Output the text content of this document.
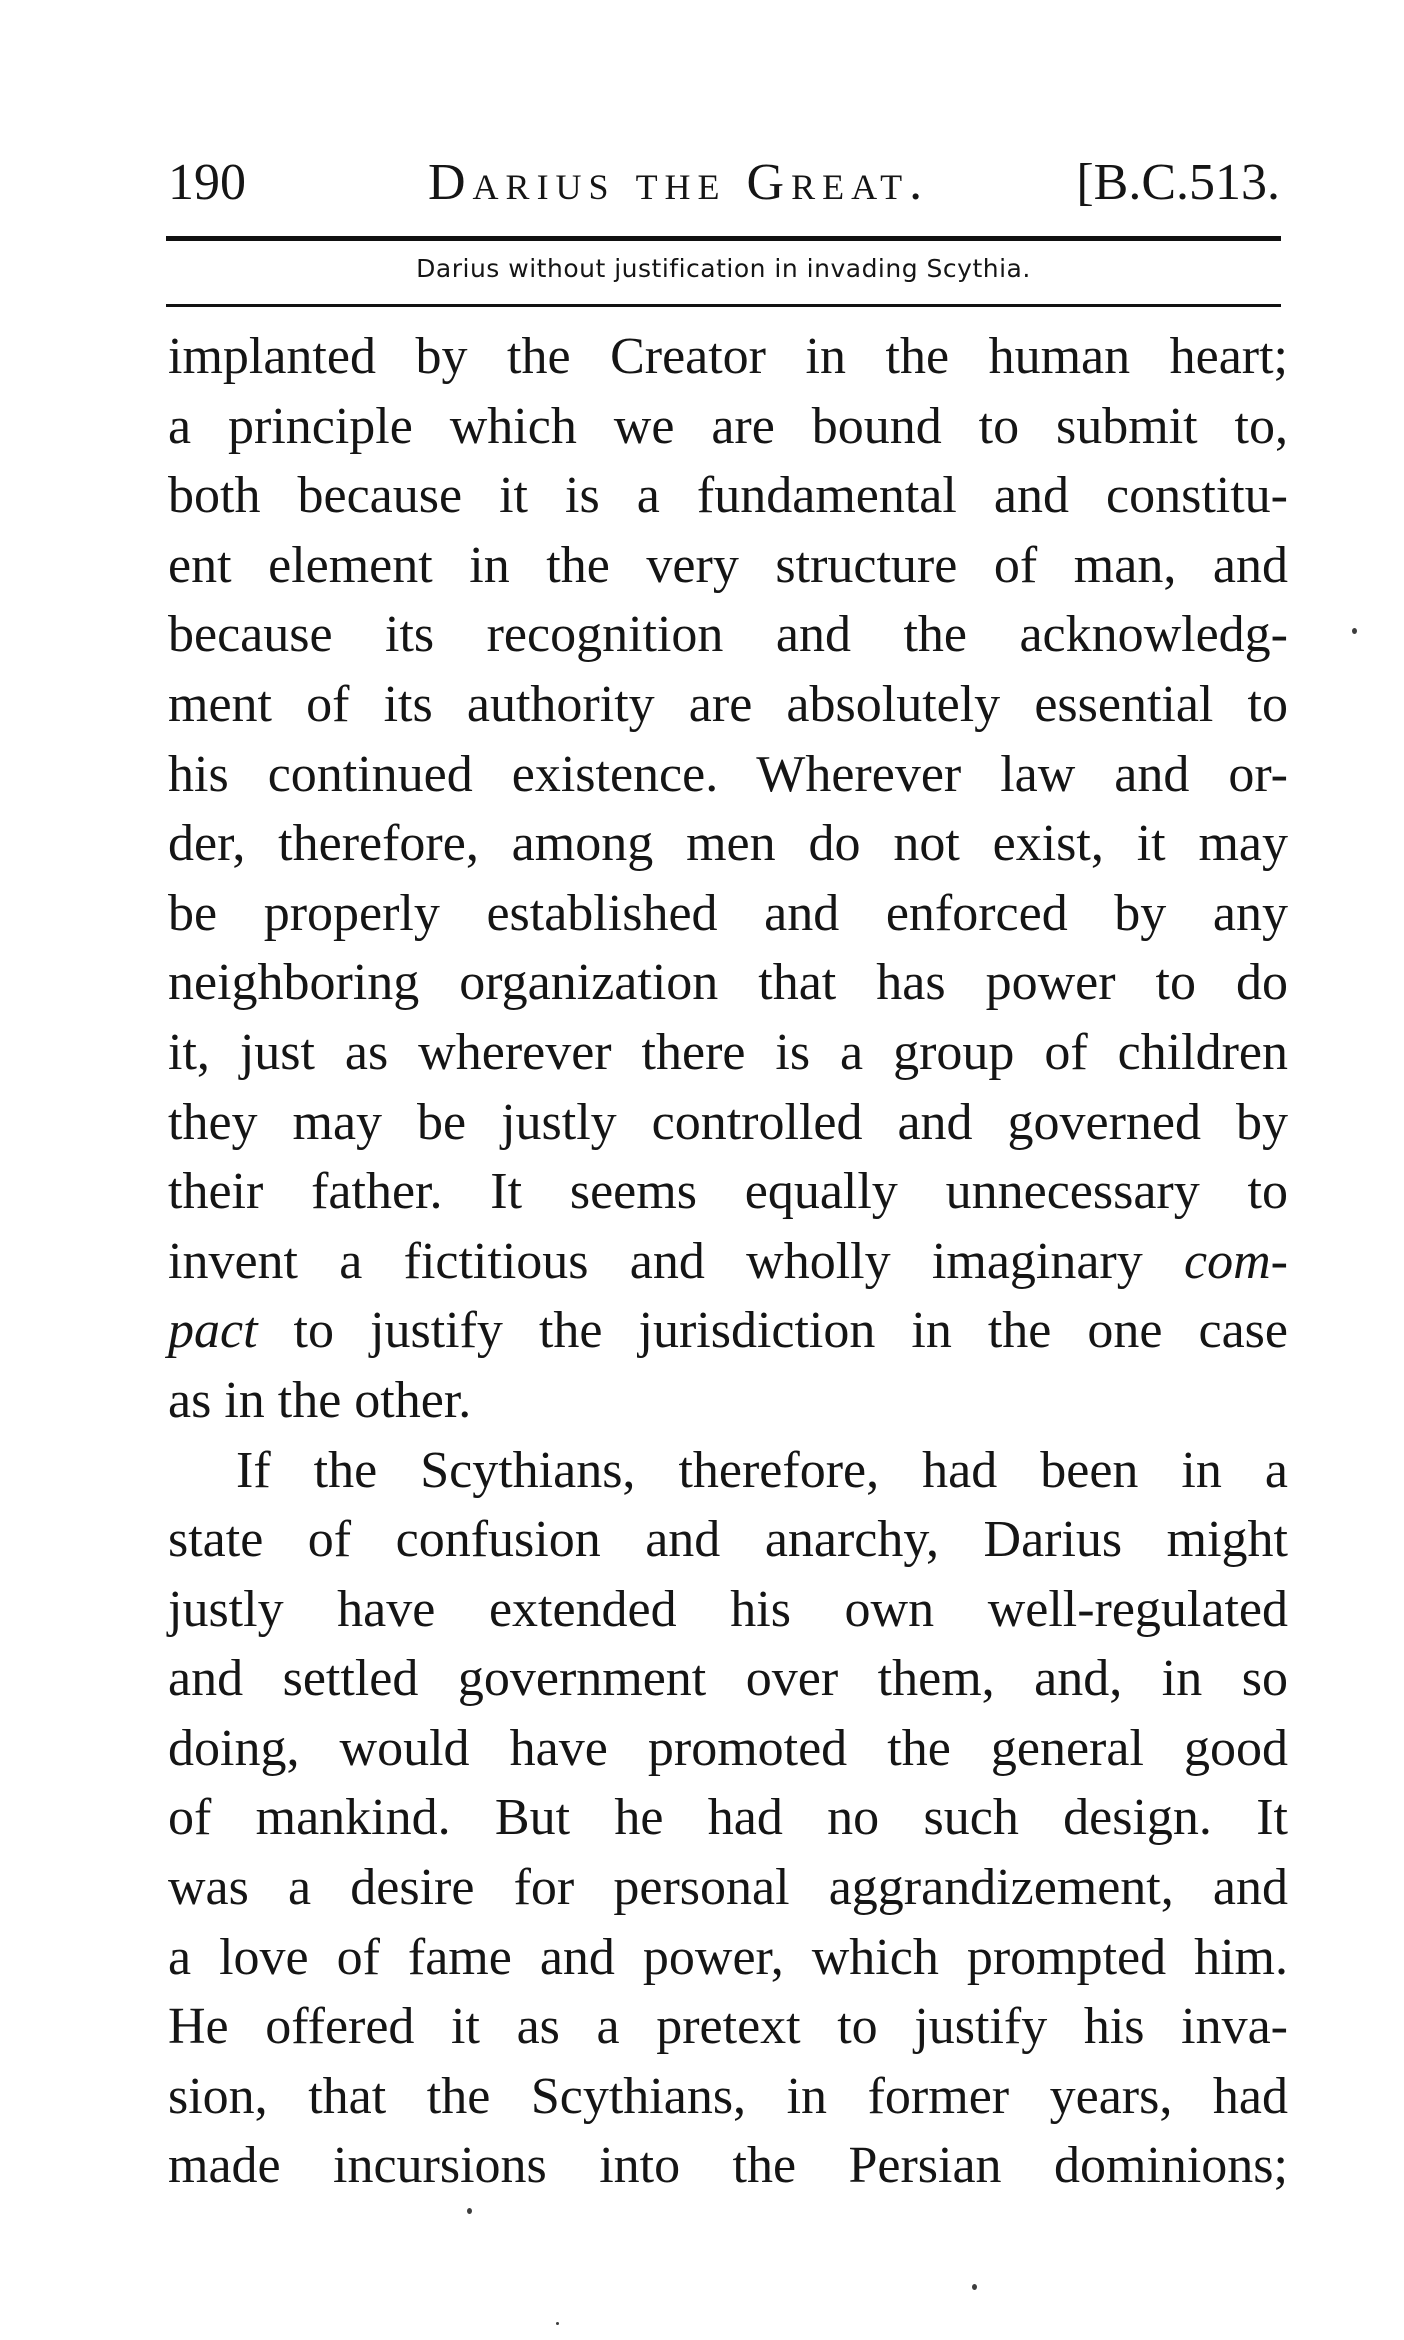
190	Darius the Great.	[B.C.513.
Darius without justification in invading Scythia.
implanted by the Creator in the human heart;
a principle which we are bound to submit to,
both because it is a fundamental and constitu-
ent element in the very structure of man, and
because its recognition and the acknowledg-
ment of its authority are absolutely essential to
his continued existence. Wherever law and or-
der, therefore, among men do not exist, it may
be properly established and enforced by any
neighboring organization that has power to do
it, just as wherever there is a group of children
they may be justly controlled and governed by
their father. It seems equally unnecessary to
invent a fictitious and wholly imaginary com-
pact to justify the jurisdiction in the one case
as in the other.
If the Scythians, therefore, had been in a
state of confusion and anarchy, Darius might
justly have extended his own well-regulated
and settled government over them, and, in so
doing, would have promoted the general good
of mankind. But he had no such design. It
was a desire for personal aggrandizement, and
a love of fame and power, which prompted him.
He offered it as a pretext to justify his inva-
sion, that the Scythians, in former years, had
made incursions into the Persian dominions;
